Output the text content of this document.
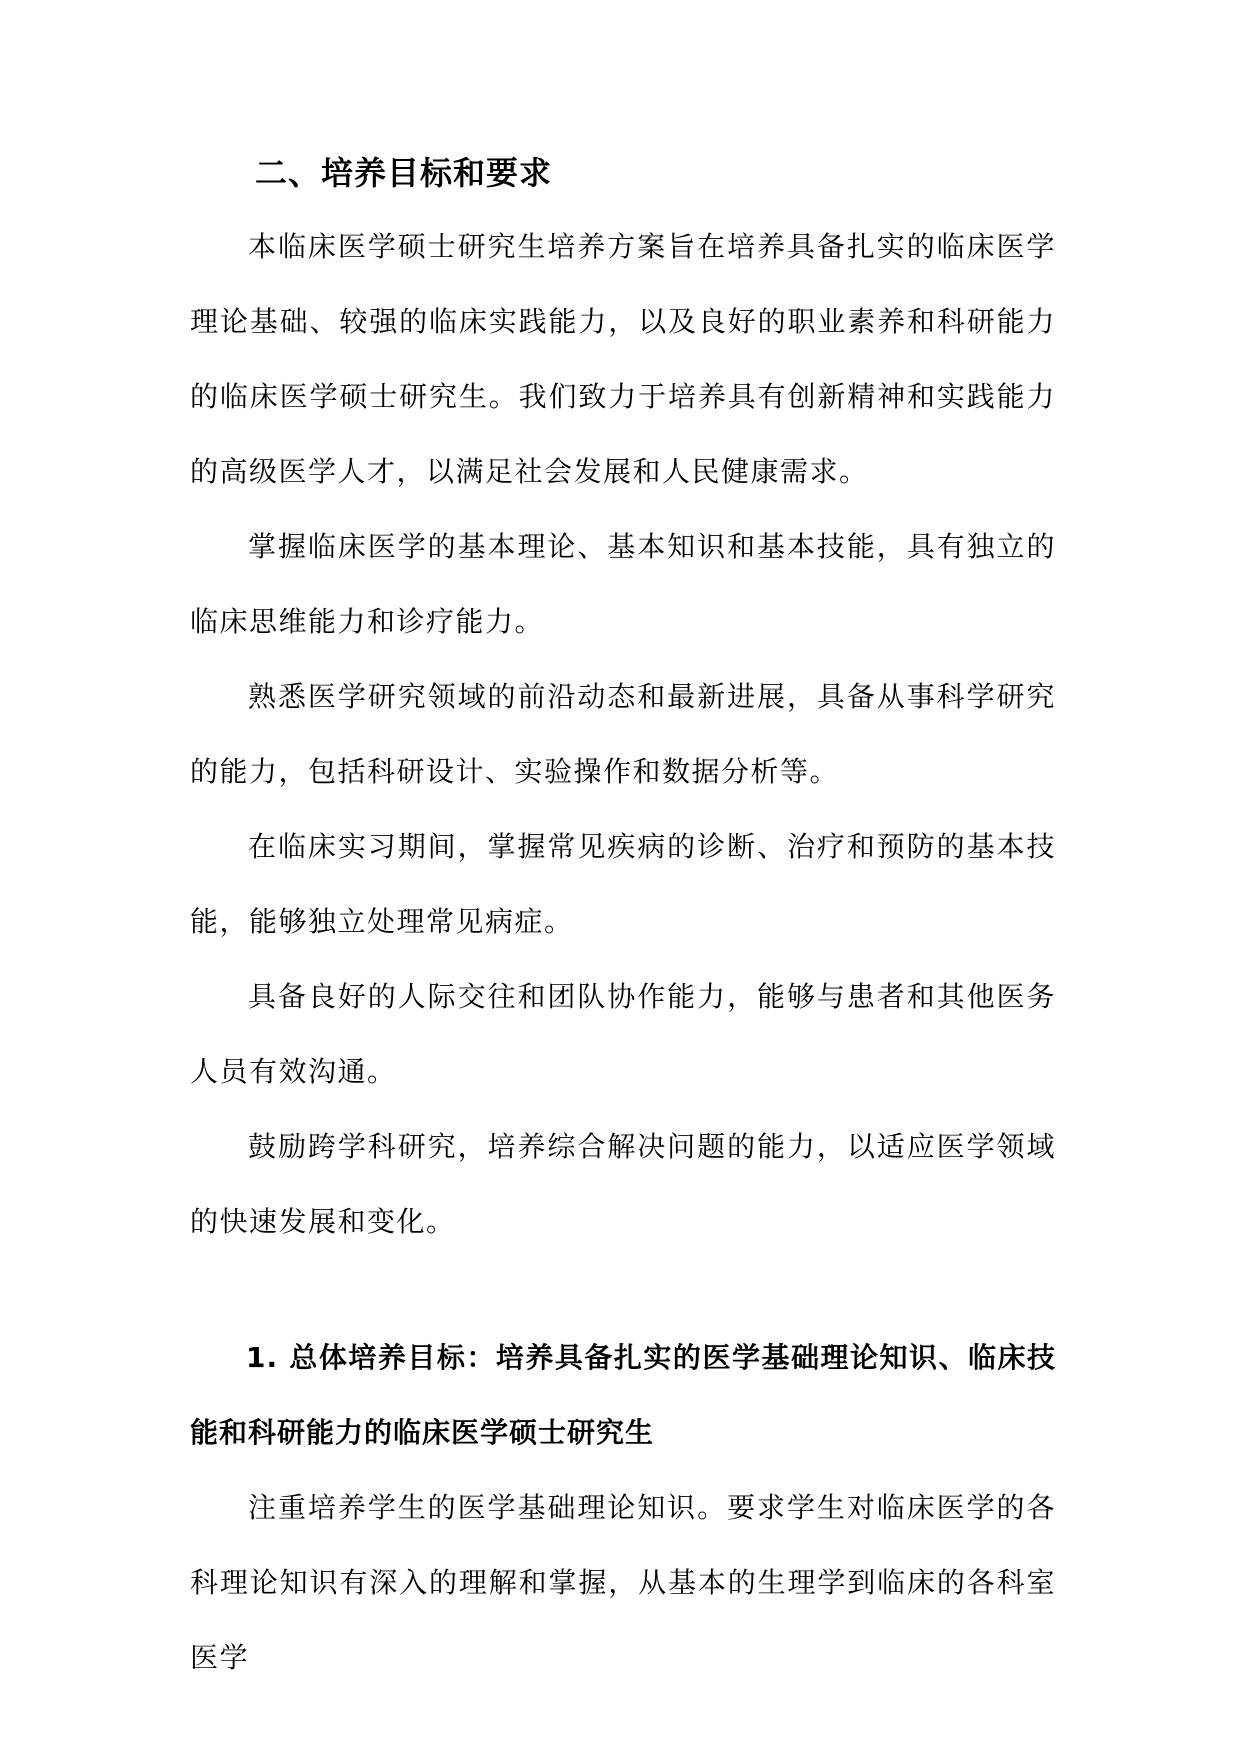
二、培养目标和要求

本临床医学硕士研究生培养方案旨在培养具备扎实的临床医学理论基础、较强的临床实践能力，以及良好的职业素养和科研能力的临床医学硕士研究生。我们致力于培养具有创新精神和实践能力的高级医学人才，以满足社会发展和人民健康需求。

掌握临床医学的基本理论、基本知识和基本技能，具有独立的临床思维能力和诊疗能力。

熟悉医学研究领域的前沿动态和最新进展，具备从事科学研究的能力，包括科研设计、实验操作和数据分析等。

在临床实习期间，掌握常见疾病的诊断、治疗和预防的基本技能，能够独立处理常见病症。

具备良好的人际交往和团队协作能力，能够与患者和其他医务人员有效沟通。

鼓励跨学科研究，培养综合解决问题的能力，以适应医学领域的快速发展和变化。

1. 总体培养目标：培养具备扎实的医学基础理论知识、临床技能和科研能力的临床医学硕士研究生

注重培养学生的医学基础理论知识。要求学生对临床医学的各科理论知识有深入的理解和掌握，从基本的生理学到临床的各科室医学
